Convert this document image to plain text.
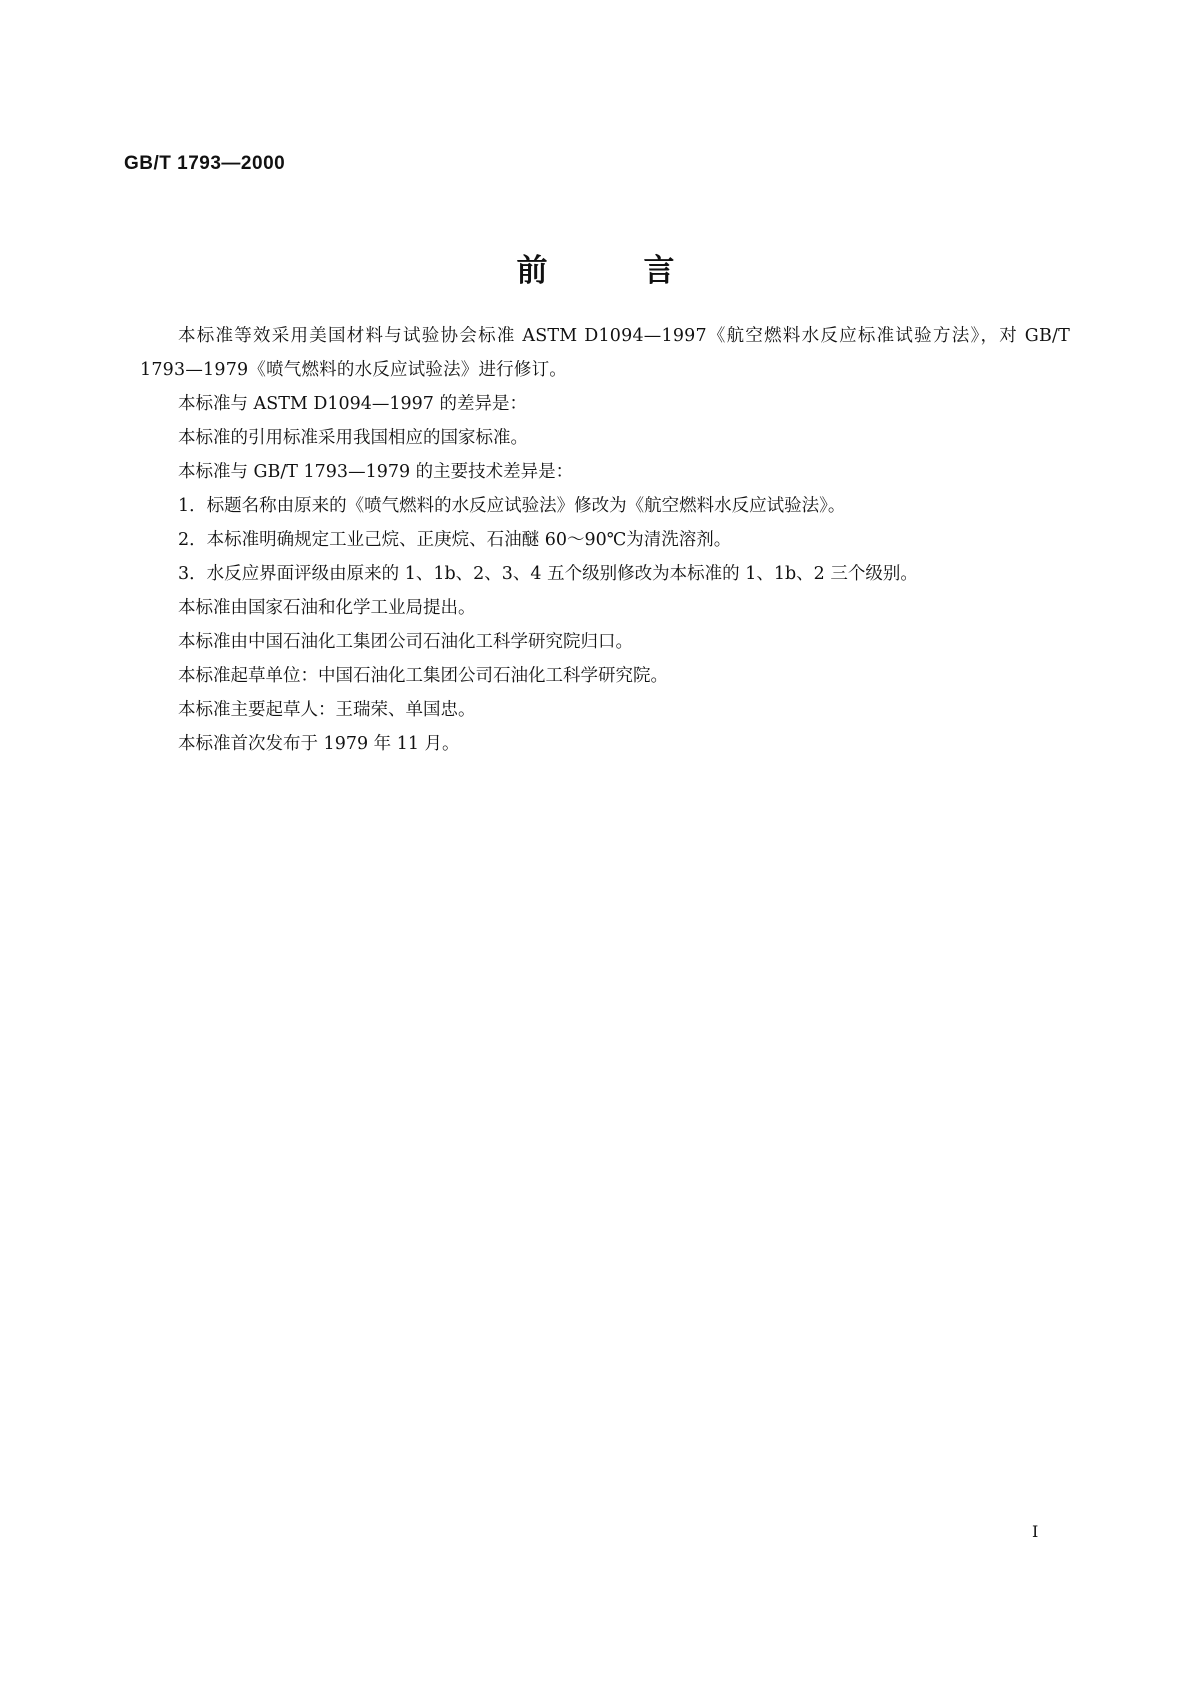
GB/T 1793—2000
前	言

本标准等效采用美国材料与试验协会标准 ASTM D1094—1997《航空燃料水反应标准试验方法》，对 GB/T 1793—1979《喷气燃料的水反应试验法》进行修订。

本标准与 ASTM D1094—1997 的差异是：

本标准的引用标准采用我国相应的国家标准。

本标准与 GB/T 1793—1979 的主要技术差异是：

1．标题名称由原来的《喷气燃料的水反应试验法》修改为《航空燃料水反应试验法》。

2．本标准明确规定工业己烷、正庚烷、石油醚 60～90℃为清洗溶剂。

3．水反应界面评级由原来的 1、1b、2、3、4 五个级别修改为本标准的 1、1b、2 三个级别。

本标准由国家石油和化学工业局提出。

本标准由中国石油化工集团公司石油化工科学研究院归口。

本标准起草单位：中国石油化工集团公司石油化工科学研究院。

本标准主要起草人：王瑞荣、单国忠。

本标准首次发布于 1979 年 11 月。

I
